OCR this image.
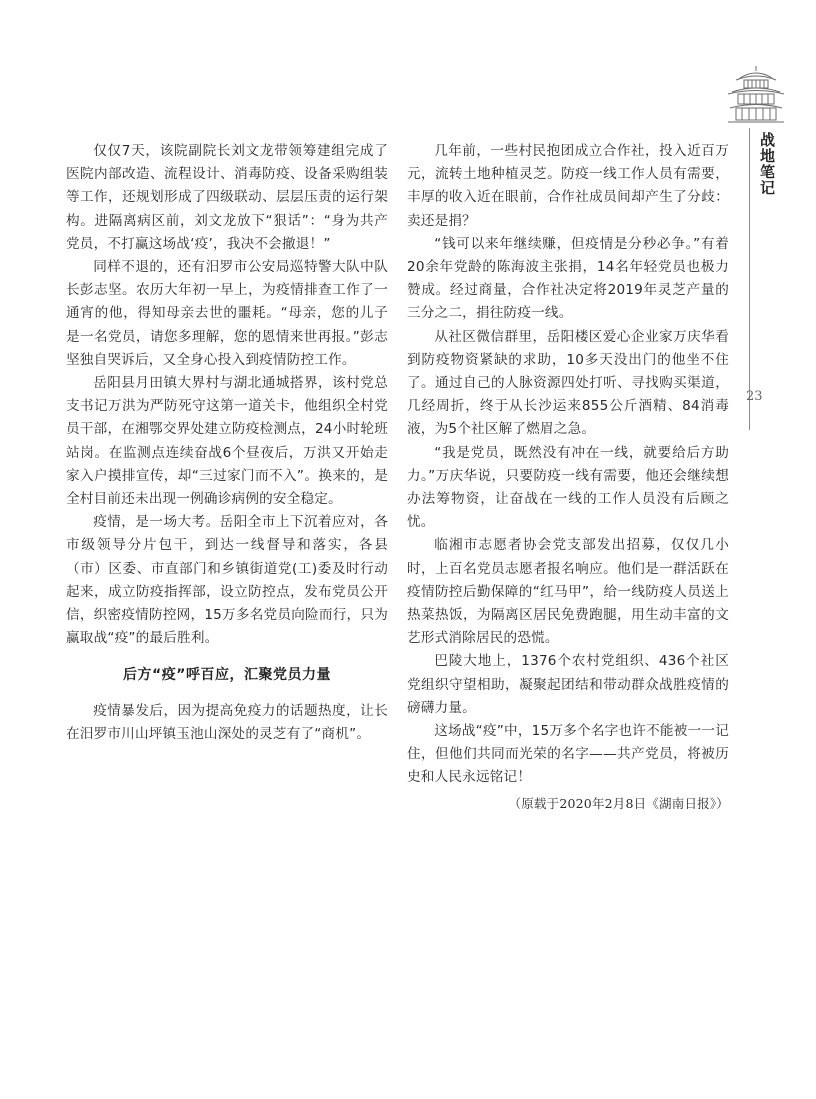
仅仅7天，该院副院长刘文龙带领筹建组完成了医院内部改造、流程设计、消毒防疫、设备采购组装等工作，还规划形成了四级联动、层层压责的运行架构。进隔离病区前，刘文龙放下“狠话”：“身为共产党员，不打赢这场战‘疫’，我决不会撤退！”

同样不退的，还有汨罗市公安局巡特警大队中队长彭志坚。农历大年初一早上，为疫情排查工作了一通宵的他，得知母亲去世的噩耗。“母亲，您的儿子是一名党员，请您多理解，您的恩情来世再报。”彭志坚独自哭诉后，又全身心投入到疫情防控工作。

岳阳县月田镇大界村与湖北通城搭界，该村党总支书记万洪为严防死守这第一道关卡，他组织全村党员干部，在湘鄂交界处建立防疫检测点，24小时轮班站岗。在监测点连续奋战6个昼夜后，万洪又开始走家入户摸排宣传，却“三过家门而不入”。换来的，是全村目前还未出现一例确诊病例的安全稳定。

疫情，是一场大考。岳阳全市上下沉着应对，各市级领导分片包干，到达一线督导和落实，各县（市）区委、市直部门和乡镇街道党(工)委及时行动起来，成立防疫指挥部，设立防控点，发布党员公开信，织密疫情防控网，15万多名党员向险而行，只为赢取战“疫”的最后胜利。

后方“疫”呼百应，汇聚党员力量

疫情暴发后，因为提高免疫力的话题热度，让长在汨罗市川山坪镇玉池山深处的灵芝有了“商机”。

几年前，一些村民抱团成立合作社，投入近百万元，流转土地种植灵芝。防疫一线工作人员有需要，丰厚的收入近在眼前，合作社成员间却产生了分歧：卖还是捐？

“钱可以来年继续赚，但疫情是分秒必争。”有着20余年党龄的陈海波主张捐，14名年轻党员也极力赞成。经过商量，合作社决定将2019年灵芝产量的三分之二，捐往防疫一线。

从社区微信群里，岳阳楼区爱心企业家万庆华看到防疫物资紧缺的求助，10多天没出门的他坐不住了。通过自己的人脉资源四处打听、寻找购买渠道，几经周折，终于从长沙运来855公斤酒精、84消毒液，为5个社区解了燃眉之急。

“我是党员，既然没有冲在一线，就要给后方助力。”万庆华说，只要防疫一线有需要，他还会继续想办法筹物资，让奋战在一线的工作人员没有后顾之忧。

临湘市志愿者协会党支部发出招募，仅仅几小时，上百名党员志愿者报名响应。他们是一群活跃在疫情防控后勤保障的“红马甲”，给一线防疫人员送上热菜热饭，为隔离区居民免费跑腿，用生动丰富的文艺形式消除居民的恐慌。

巴陵大地上，1376个农村党组织、436个社区党组织守望相助，凝聚起团结和带动群众战胜疫情的磅礴力量。

这场战“疫”中，15万多个名字也许不能被一一记住，但他们共同而光荣的名字——共产党员，将被历史和人民永远铭记！

（原载于2020年2月8日《湖南日报》）

战地笔记
23
